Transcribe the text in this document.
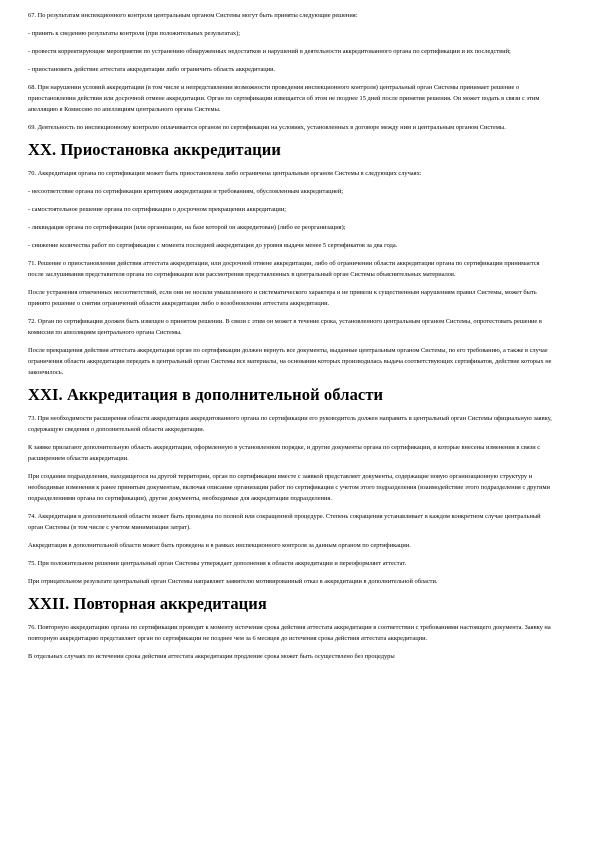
67. По результатам инспекционного контроля центральным органом Системы могут быть приняты следующие решения:

- принять к сведению результаты контроля (при положительных результатах);

- провести корректирующие мероприятия по устранению обнаруженных недостатков и нарушений в деятельности аккредитованного органа по сертификации и их последствий;

- приостановить действие аттестата аккредитации либо ограничить область аккредитации.

68. При нарушении условий аккредитации (в том числе и непредставлении возможности проведения инспекционного контроля) центральный орган Системы принимает решение о приостановлении действия или досрочной отмене аккредитации. Орган по сертификации извещается об этом не позднее 15 дней после принятия решения. Он может подать в связи с этим апелляцию в Комиссию по апелляциям центрального органа Системы.

69. Деятельность по инспекционному контролю оплачивается органом по сертификации на условиях, установленных в договоре между ним и центральным органом Системы.

XX. Приостановка аккредитации

70. Аккредитация органа по сертификации может быть приостановлена либо ограничена центральным органом Системы в следующих случаях:

- несоответствие органа по сертификации критериям аккредитации и требованиям, обусловленным аккредитацией;

- самостоятельное решение органа по сертификации о досрочном прекращении аккредитации;

- ликвидация органа по сертификации (или организации, на базе которой он аккредитован) (либо ее реорганизация);

- снижение количества работ по сертификации с момента последней аккредитации до уровня выдачи менее 5 сертификатов за два года.

71. Решение о приостановлении действия аттестата аккредитации, или досрочной отмене аккредитации, либо об ограничении области аккредитации органа по сертификации принимается после заслушивания представителя органа по сертификации или рассмотрения представленных в центральный орган Системы объяснительных материалов.

После устранения отмеченных несоответствий, если они не носили умышленного и систематического характера и не привели к существенным нарушениям правил Системы, может быть принято решение о снятии ограничений области аккредитации либо о возобновлении аттестата аккредитации.

72. Орган по сертификации должен быть извещен о принятом решении. В связи с этим он может в течение срока, установленного центральным органом Системы, опротестовать решение в комиссии по апелляциям центрального органа Системы.

После прекращения действия аттестата аккредитации орган по сертификации должен вернуть все документы, выданные центральным органом Системы, по его требованию, а также в случае ограничения области аккредитации передать в центральный орган Системы все материалы, на основании которых производилась выдача соответствующих сертификатов, действие которых не закончилось.

XXI. Аккредитация в дополнительной области

73. При необходимости расширения области аккредитации аккредитованного органа по сертификации его руководитель должен направить в центральный орган Системы официальную заявку, содержащую сведения о дополнительной области аккредитации.

К заявке прилагают дополнительную область аккредитации, оформленную в установленном порядке, и другие документы органа по сертификации, в которые внесены изменения в связи с расширением области аккредитации.

При создании подразделения, находящегося на другой территории, орган по сертификации вместе с заявкой представляет документы, содержащие новую организационную структуру и необходимые изменения к ранее принятым документам, включая описание организации работ по сертификации с учетом этого подразделения (взаимодействие этого подразделения с другими подразделениями органа по сертификации), другие документы, необходимые для аккредитации подразделения.

74. Аккредитация в дополнительной области может быть проведена по полной или сокращенной процедуре. Степень сокращения устанавливает в каждом конкретном случае центральный орган Системы (в том числе с учетом минимизации затрат).

Аккредитация в дополнительной области может быть проведена и в рамках инспекционного контроля за данным органом по сертификации.

75. При положительном решении центральный орган Системы утверждает дополнения к области аккредитации и переоформляет аттестат.

При отрицательном результате центральный орган Системы направляет заявителю мотивированный отказ в аккредитации в дополнительной области.

XXII. Повторная аккредитация

76. Повторную аккредитацию органа по сертификации проводят к моменту истечения срока действия аттестата аккредитации в соответствии с требованиями настоящего документа. Заявку на повторную аккредитацию представляет орган по сертификации не позднее чем за 6 месяцев до истечения срока действия аттестата аккредитации.

В отдельных случаях по истечении срока действия аттестата аккредитации продление срока может быть осуществлено без процедуры
